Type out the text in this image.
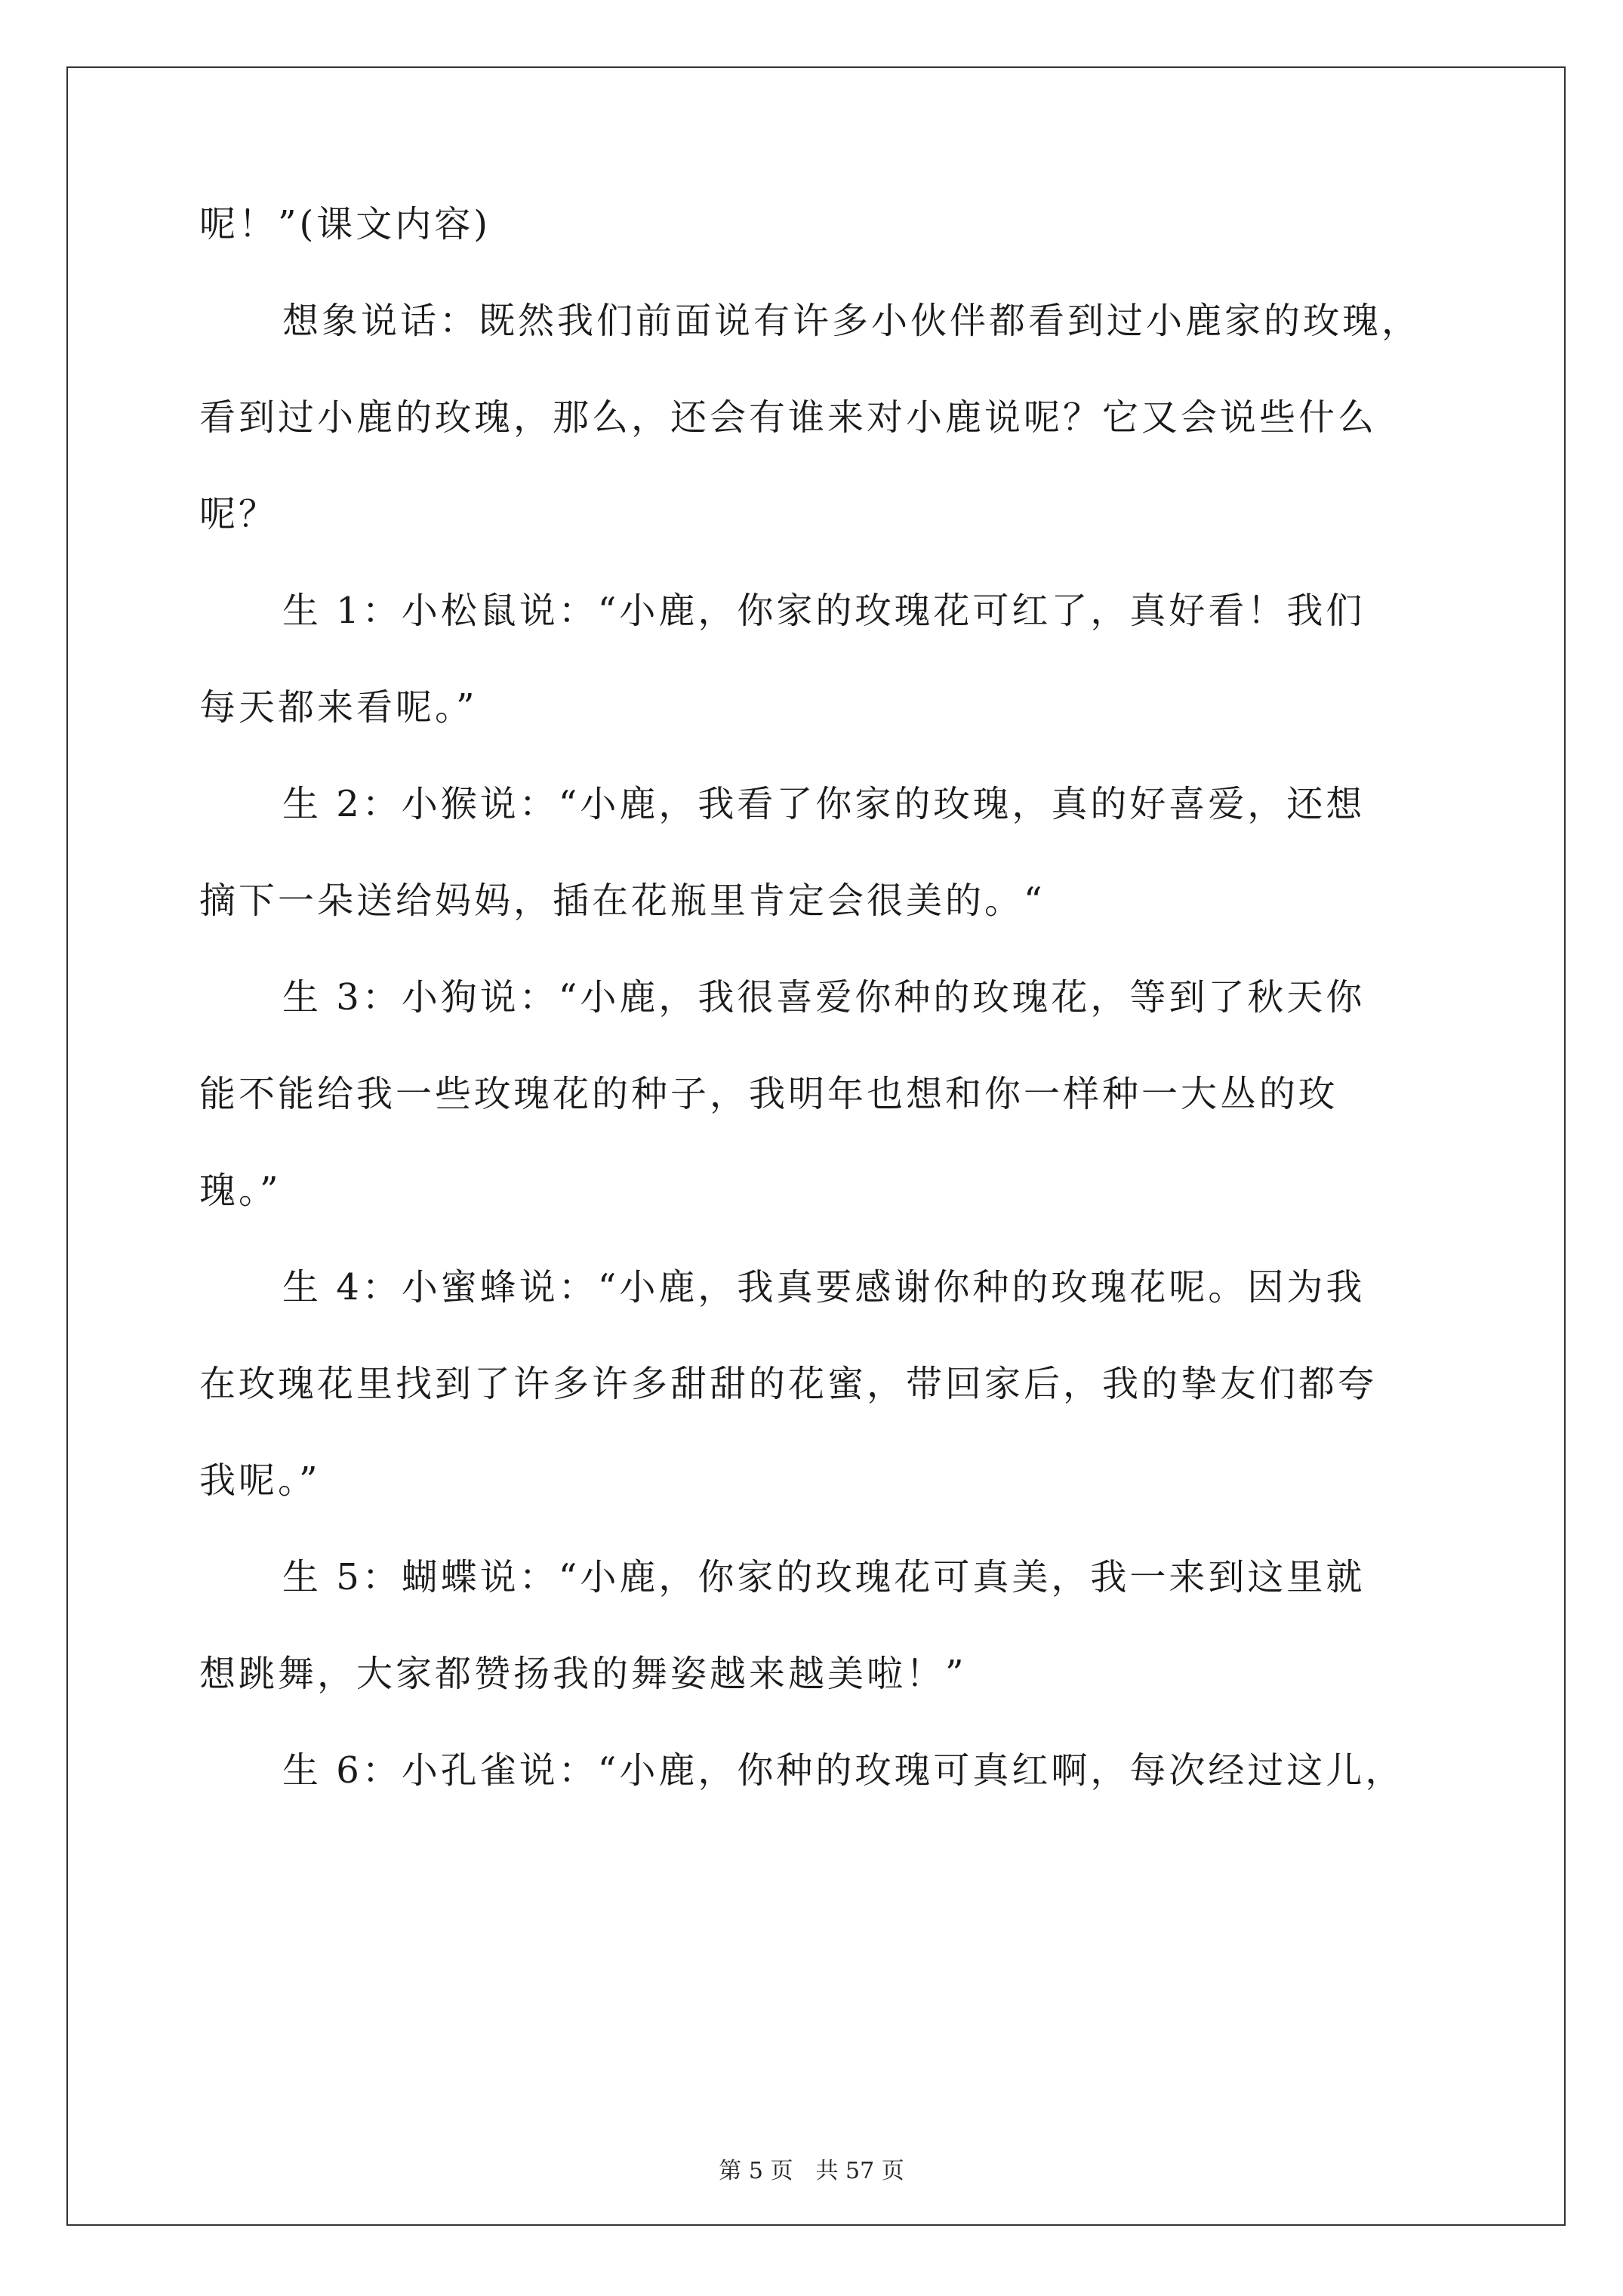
呢！”(课文内容)
想象说话：既然我们前面说有许多小伙伴都看到过小鹿家的玫瑰，
看到过小鹿的玫瑰，那么，还会有谁来对小鹿说呢？它又会说些什么
呢？
生 1：小松鼠说：“小鹿，你家的玫瑰花可红了，真好看！我们
每天都来看呢。”
生 2：小猴说：“小鹿，我看了你家的玫瑰，真的好喜爱，还想
摘下一朵送给妈妈，插在花瓶里肯定会很美的。“
生 3：小狗说：“小鹿，我很喜爱你种的玫瑰花，等到了秋天你
能不能给我一些玫瑰花的种子，我明年也想和你一样种一大丛的玫
瑰。”
生 4：小蜜蜂说：“小鹿，我真要感谢你种的玫瑰花呢。因为我
在玫瑰花里找到了许多许多甜甜的花蜜，带回家后，我的挚友们都夸
我呢。”
生 5：蝴蝶说：“小鹿，你家的玫瑰花可真美，我一来到这里就
想跳舞，大家都赞扬我的舞姿越来越美啦！”
生 6：小孔雀说：“小鹿，你种的玫瑰可真红啊，每次经过这儿，
第 5 页　共 57 页
